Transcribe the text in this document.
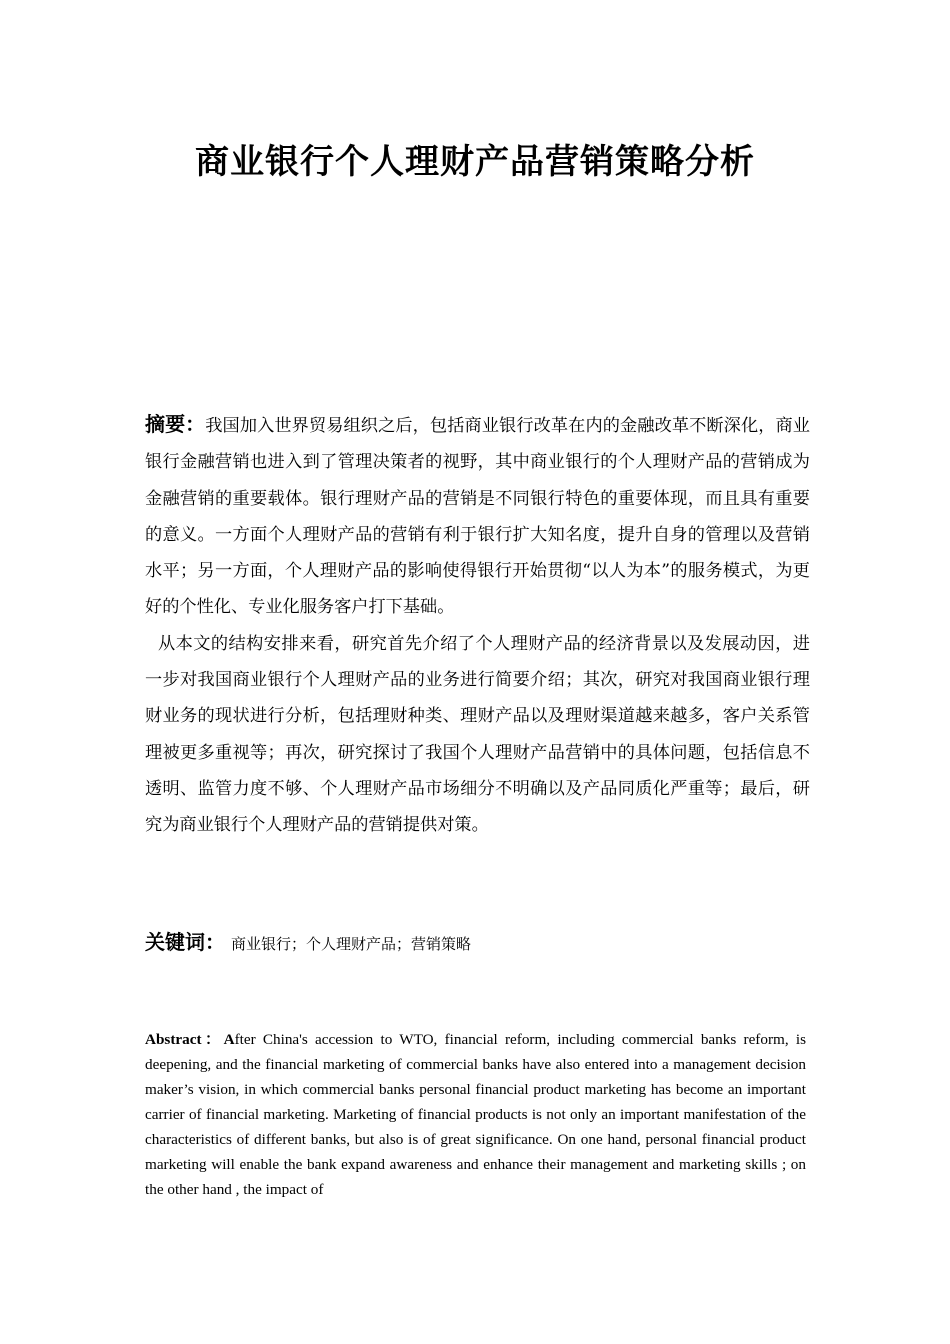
商业银行个人理财产品营销策略分析

摘要：我国加入世界贸易组织之后，包括商业银行改革在内的金融改革不断深化，商业银行金融营销也进入到了管理决策者的视野，其中商业银行的个人理财产品的营销成为金融营销的重要载体。银行理财产品的营销是不同银行特色的重要体现，而且具有重要的意义。一方面个人理财产品的营销有利于银行扩大知名度，提升自身的管理以及营销水平；另一方面，个人理财产品的影响使得银行开始贯彻“以人为本”的服务模式，为更好的个性化、专业化服务客户打下基础。

从本文的结构安排来看，研究首先介绍了个人理财产品的经济背景以及发展动因，进一步对我国商业银行个人理财产品的业务进行简要介绍；其次，研究对我国商业银行理财业务的现状进行分析，包括理财种类、理财产品以及理财渠道越来越多，客户关系管理被更多重视等；再次，研究探讨了我国个人理财产品营销中的具体问题，包括信息不透明、监管力度不够、个人理财产品市场细分不明确以及产品同质化严重等；最后，研究为商业银行个人理财产品的营销提供对策。

关键词： 商业银行；个人理财产品；营销策略

Abstract：After China's accession to WTO, financial reform, including commercial banks reform, is deepening, and the financial marketing of commercial banks have also entered into a management decision maker’s vision, in which commercial banks personal financial product marketing has become an important carrier of financial marketing. Marketing of financial products is not only an important manifestation of the characteristics of different banks, but also is of great significance. On one hand, personal financial product marketing will enable the bank expand awareness and enhance their management and marketing skills ; on the other hand , the impact of
